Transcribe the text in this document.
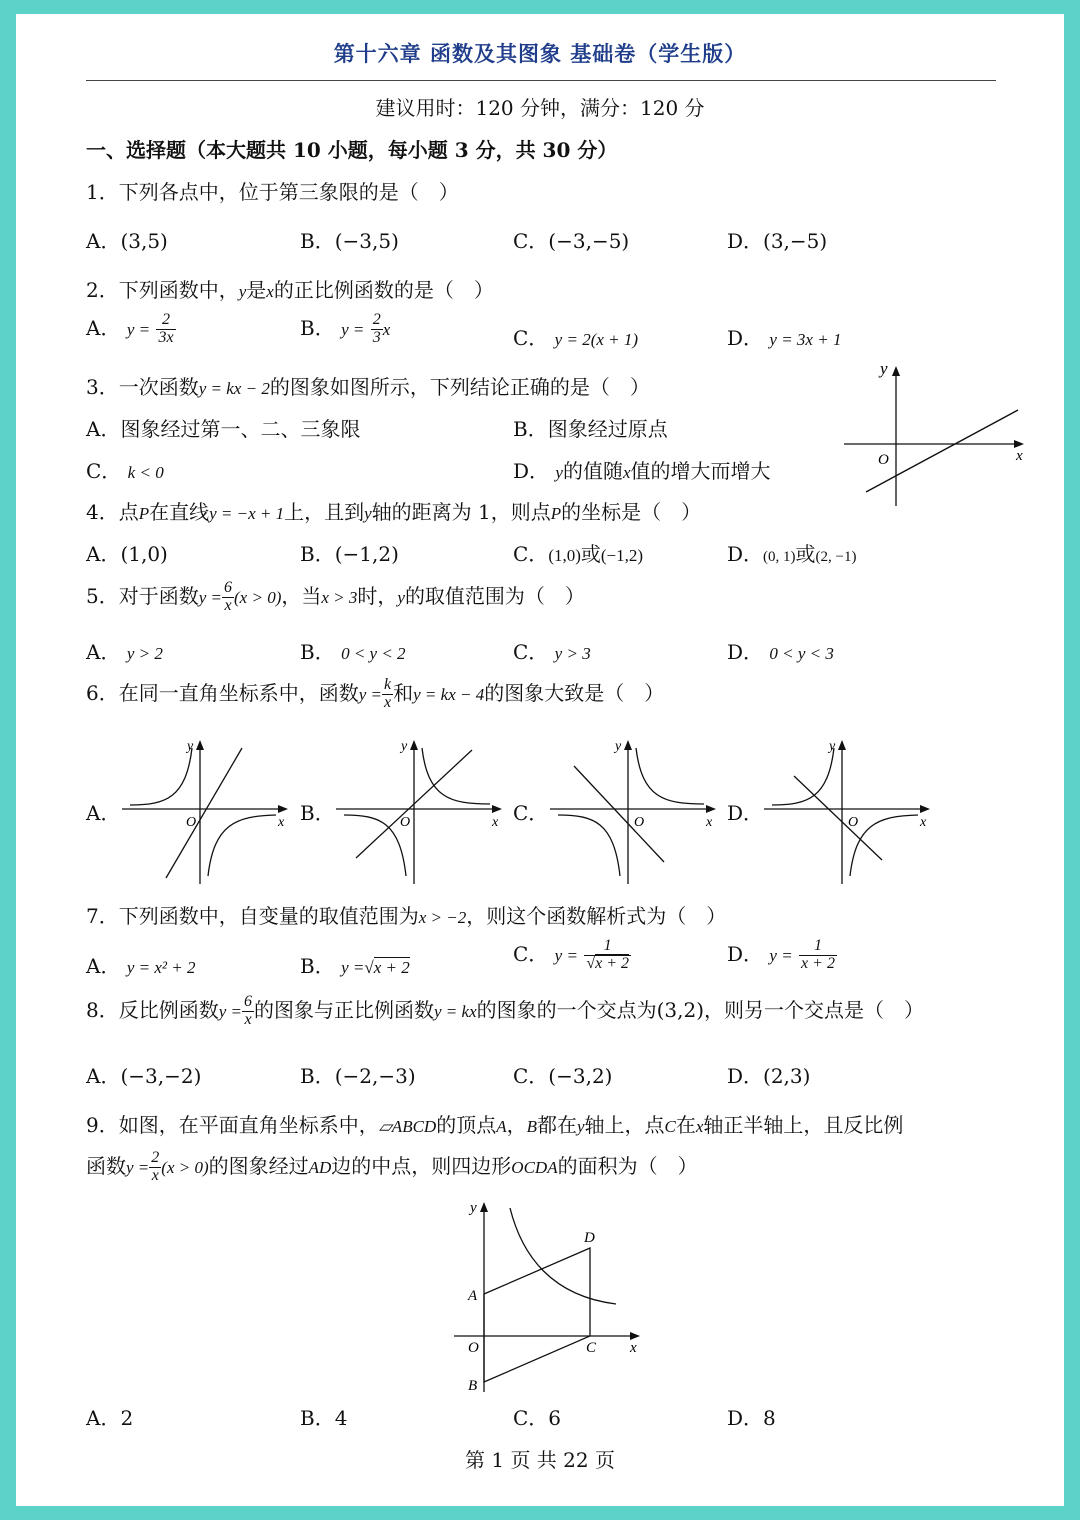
第十六章 函数及其图象 基础卷（学生版）
建议用时：120 分钟，满分：120 分
一、选择题（本大题共 10 小题，每小题 3 分，共 30 分）
1．下列各点中，位于第三象限的是（　）
A．(3,5)	B．(−3,5)	C．(−3,−5)	D．(3,−5)
2．下列函数中，y是x的正比例函数的是（　）
A． $y = \frac{2}{3x}$	B． $y = \frac{2}{3}$ x	C． y = 2(x + 1)	D． y = 3x + 1
3．一次函数y = kx − 2的图象如图所示，下列结论正确的是（　）
A．图象经过第一、二、三象限	B．图象经过原点
C． k < 0	D． y的值随x值的增大而增大
y
x
O
4．点P在直线y = −x + 1上，且到y轴的距离为 1，则点P的坐标是（　）
A．(1,0)	B．(−1,2)	C．(1,0)或(−1,2)	D．(0, 1)或(2, −1)
5．对于函数$y = \frac{6}{x} (x > 0)$，当x > 3时，y的取值范围为（　）
A． y > 2	B． 0 < y < 2	C． y > 3	D． 0 < y < 3
6．在同一直角坐标系中，函数$y = \frac{k}{x}$ 和y = kx − 4的图象大致是（　）
A．
y
x
O	B．
y
x
O	C．
y
x
O	D．
y
x
O
7．下列函数中，自变量的取值范围为x > −2，则这个函数解析式为（　）
A． y = x² + 2	B． y =√x + 2
C． $y = \frac{1}{√x + 2}$	D． $y = \frac{1}{x + 2}$
8．反比例函数$y = \frac{6}{x}$ 的图象与正比例函数y = kx的图象的一个交点为(3,2)，则另一个交点是（　）
A．(−3,−2)	B．(−2,−3)	C．(−3,2)	D．(2,3)
9．如图，在平面直角坐标系中，▱ABCD的顶点A，B都在y轴上，点C在x轴正半轴上，且反比例
函数$y = \frac{2}{x} (x > 0)$的图象经过AD边的中点，则四边形OCDA的面积为（　）
y
x
O
A
B
C
D
A．2	B．4	C．6	D．8
第 1 页 共 22 页
